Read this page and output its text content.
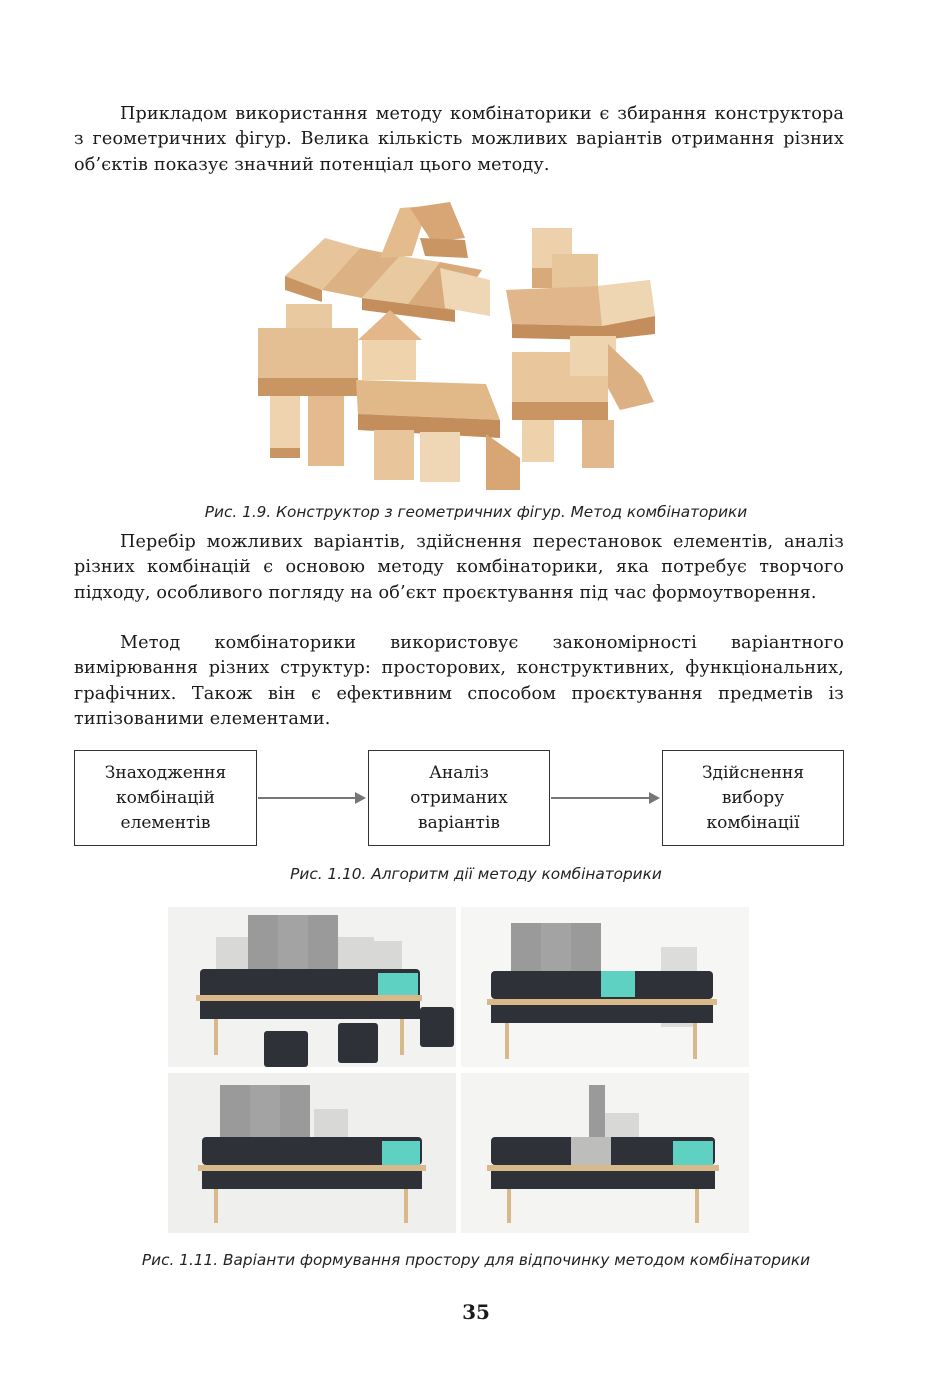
Прикладом використання методу комбінаторики є збирання конструктора з геометричних фігур. Велика кількість можливих варіантів отримання різних об’єктів показує значний потенціал цього методу.

Рис. 1.9. Конструктор з геометричних фігур. Метод комбінаторики

Перебір можливих варіантів, здійснення перестановок елементів, аналіз різних комбінацій є основою методу комбінаторики, яка потребує творчого підходу, особливого погляду на об’єкт проєктування під час формоутворення.

Метод комбінаторики використовує закономірності варіантного вимірювання різних структур: просторових, конструктивних, функціональних, графічних. Також він є ефективним способом проєктування предметів із типізованими елементами.

Знаходження
комбінацій
елементів
Аналіз
отриманих
варіантів
Здійснення
вибору
комбінації
Рис. 1.10. Алгоритм дії методу комбінаторики
Рис. 1.11. Варіанти формування простору для відпочинку методом комбінаторики
35
